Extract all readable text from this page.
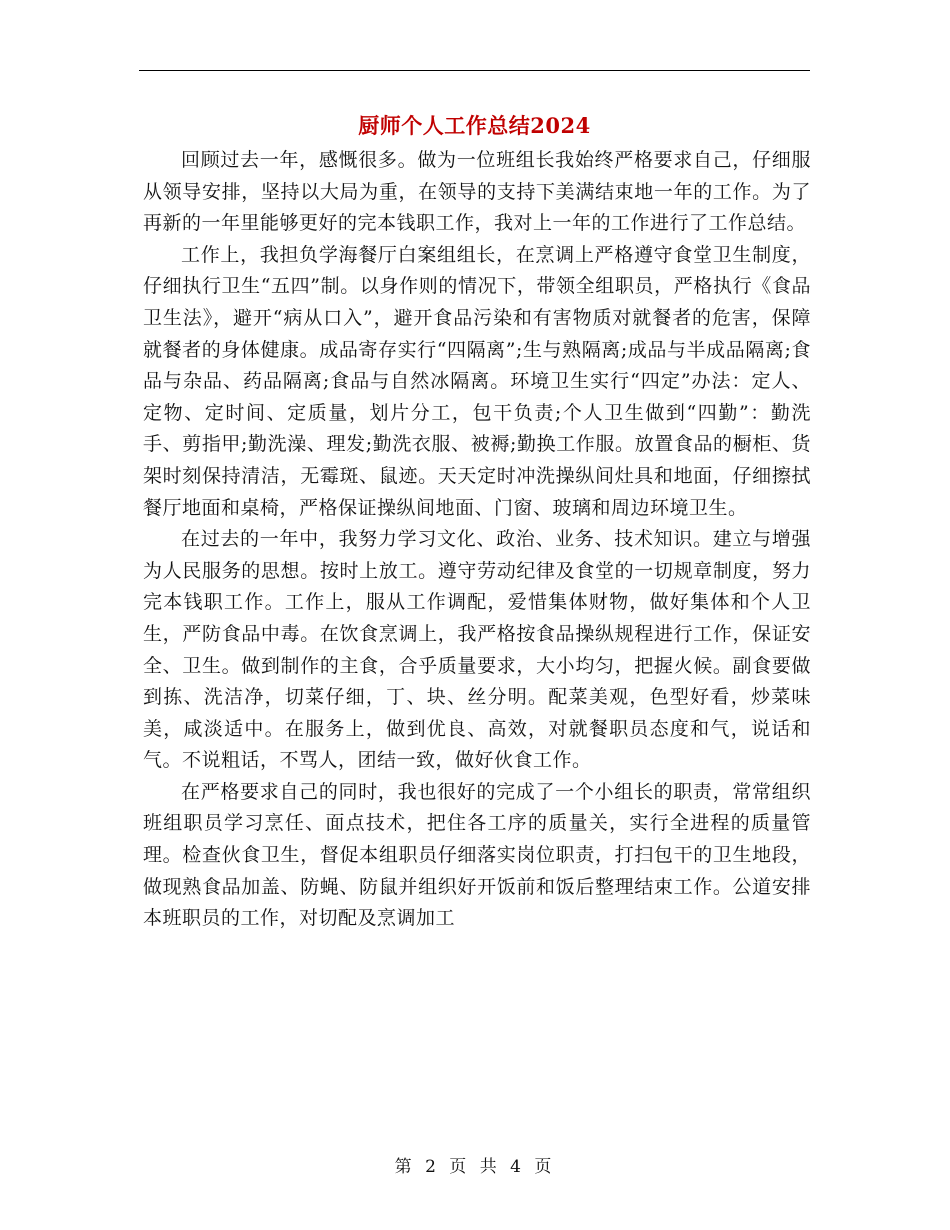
厨师个人工作总结2024

回顾过去一年，感慨很多。做为一位班组长我始终严格要求自己，仔细服从领导安排，坚持以大局为重，在领导的支持下美满结束地一年的工作。为了再新的一年里能够更好的完本钱职工作，我对上一年的工作进行了工作总结。

工作上，我担负学海餐厅白案组组长，在烹调上严格遵守食堂卫生制度，仔细执行卫生“五四”制。以身作则的情况下，带领全组职员，严格执行《食品卫生法》，避开“病从口入”，避开食品污染和有害物质对就餐者的危害，保障就餐者的身体健康。成品寄存实行“四隔离”;生与熟隔离;成品与半成品隔离;食品与杂品、药品隔离;食品与自然冰隔离。环境卫生实行“四定”办法：定人、定物、定时间、定质量，划片分工，包干负责;个人卫生做到“四勤”：勤洗手、剪指甲;勤洗澡、理发;勤洗衣服、被褥;勤换工作服。放置食品的橱柜、货架时刻保持清洁，无霉斑、鼠迹。天天定时冲洗操纵间灶具和地面，仔细擦拭餐厅地面和桌椅，严格保证操纵间地面、门窗、玻璃和周边环境卫生。

在过去的一年中，我努力学习文化、政治、业务、技术知识。建立与增强为人民服务的思想。按时上放工。遵守劳动纪律及食堂的一切规章制度，努力完本钱职工作。工作上，服从工作调配，爱惜集体财物，做好集体和个人卫生，严防食品中毒。在饮食烹调上，我严格按食品操纵规程进行工作，保证安全、卫生。做到制作的主食，合乎质量要求，大小均匀，把握火候。副食要做到拣、洗洁净，切菜仔细，丁、块、丝分明。配菜美观，色型好看，炒菜味美，咸淡适中。在服务上，做到优良、高效，对就餐职员态度和气，说话和气。不说粗话，不骂人，团结一致，做好伙食工作。

在严格要求自己的同时，我也很好的完成了一个小组长的职责，常常组织班组职员学习烹任、面点技术，把住各工序的质量关，实行全进程的质量管理。检查伙食卫生，督促本组职员仔细落实岗位职责，打扫包干的卫生地段，做现熟食品加盖、防蝇、防鼠并组织好开饭前和饭后整理结束工作。公道安排本班职员的工作，对切配及烹调加工

第 2 页 共 4 页
